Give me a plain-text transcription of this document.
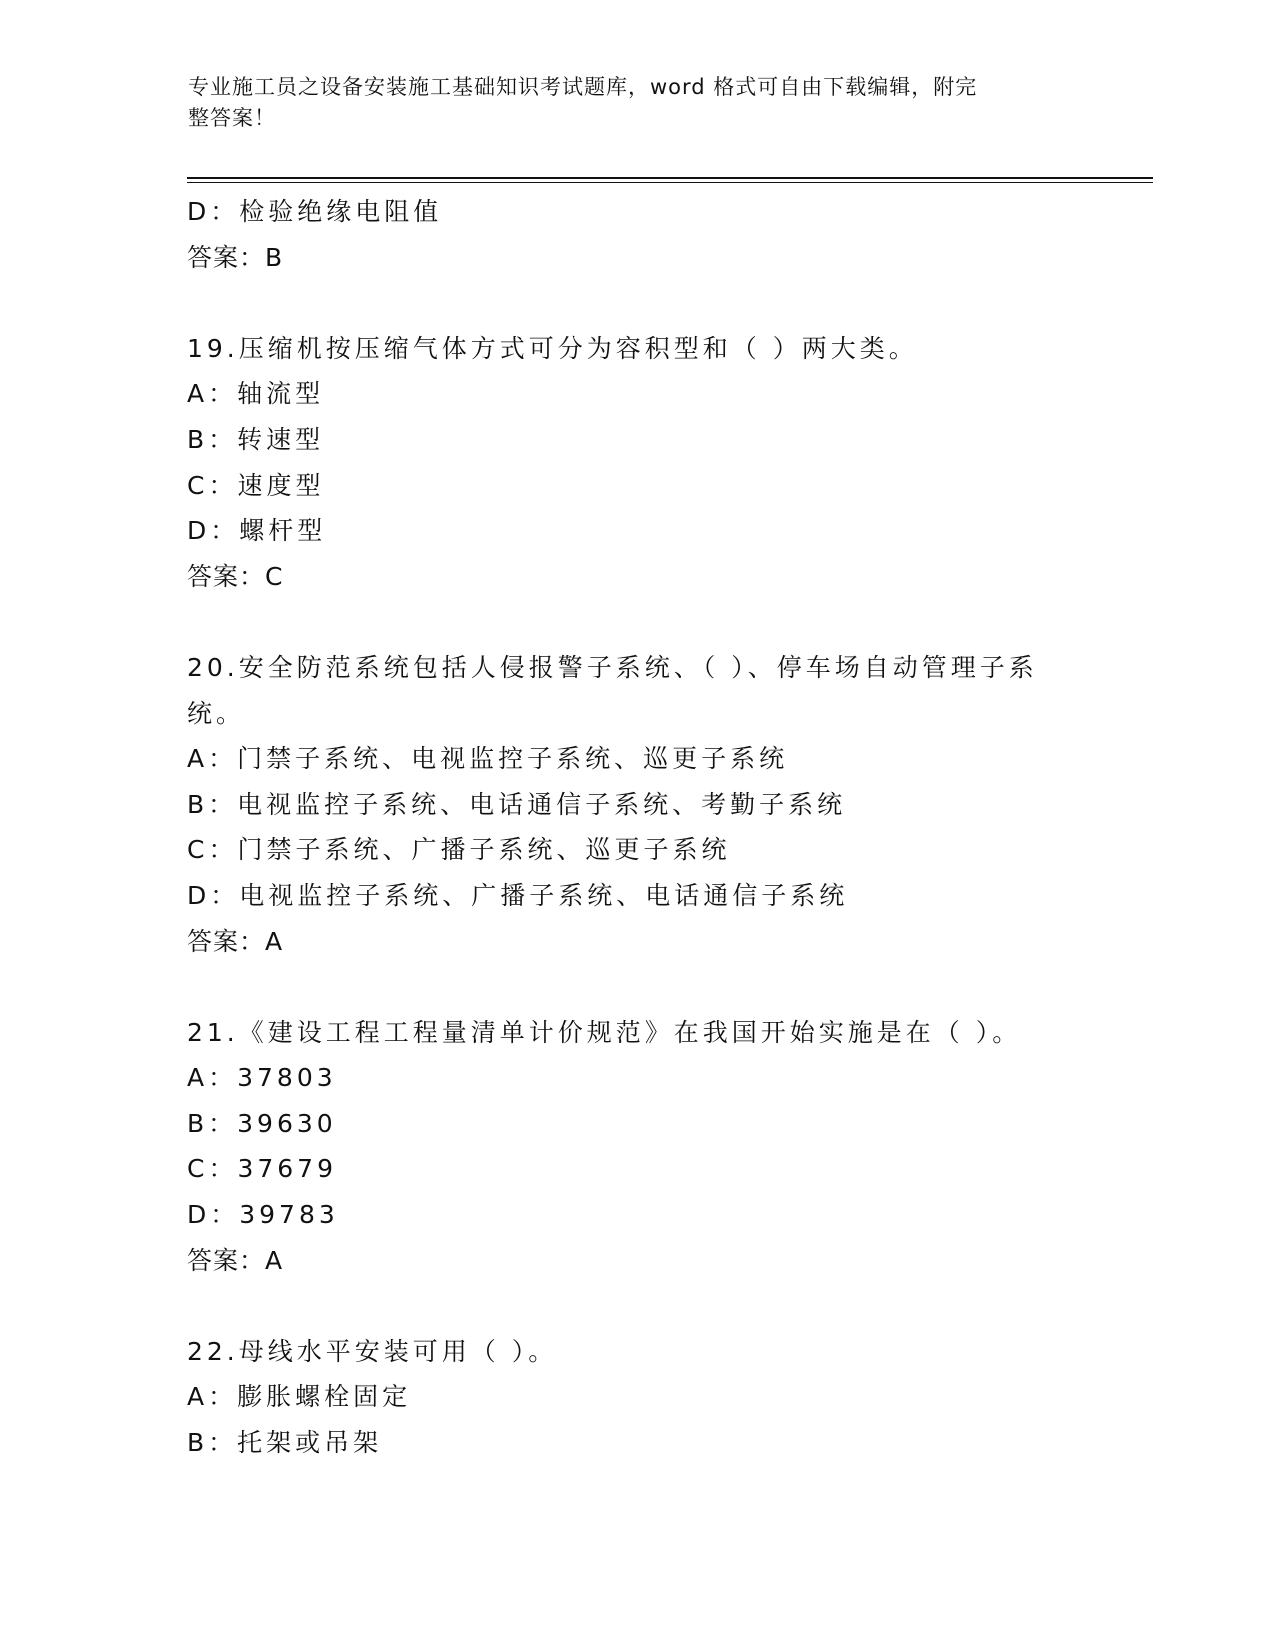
专业施工员之设备安装施工基础知识考试题库，word 格式可自由下载编辑，附完
整答案！
D：检验绝缘电阻值
答案：B
19.压缩机按压缩气体方式可分为容积型和（ ）两大类。
A：轴流型
B：转速型
C：速度型
D：螺杆型
答案：C
20.安全防范系统包括人侵报警子系统、（ ）、停车场自动管理子系
统。
A：门禁子系统、电视监控子系统、巡更子系统
B：电视监控子系统、电话通信子系统、考勤子系统
C：门禁子系统、广播子系统、巡更子系统
D：电视监控子系统、广播子系统、电话通信子系统
答案：A
21.《建设工程工程量清单计价规范》在我国开始实施是在（ ）。
A：37803
B：39630
C：37679
D：39783
答案：A
22.母线水平安装可用（ ）。
A：膨胀螺栓固定
B：托架或吊架
